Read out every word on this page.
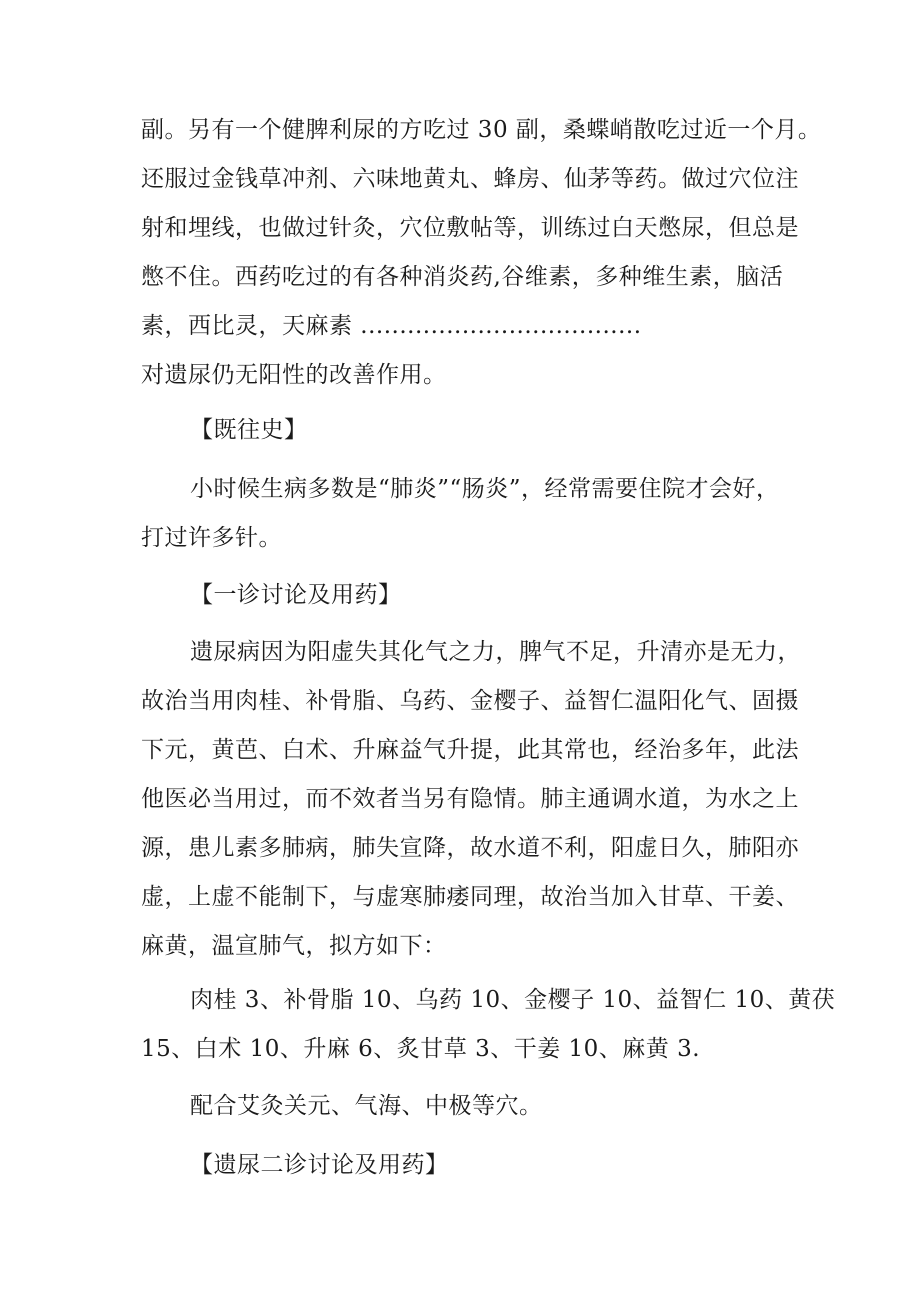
副。另有一个健脾利尿的方吃过 30 副，桑蝶峭散吃过近一个月。
还服过金钱草冲剂、六味地黄丸、蜂房、仙茅等药。做过穴位注
射和埋线，也做过针灸，穴位敷帖等，训练过白天憋尿，但总是
憋不住。西药吃过的有各种消炎药,谷维素，多种维生素，脑活
素，西比灵，天麻素 ....................................
对遗尿仍无阳性的改善作用。
【既往史】
小时候生病多数是“肺炎”“肠炎”，经常需要住院才会好，
打过许多针。
【一诊讨论及用药】
遗尿病因为阳虚失其化气之力，脾气不足，升清亦是无力，
故治当用肉桂、补骨脂、乌药、金樱子、益智仁温阳化气、固摄
下元，黄芭、白术、升麻益气升提，此其常也，经治多年，此法
他医必当用过，而不效者当另有隐情。肺主通调水道，为水之上
源，患儿素多肺病，肺失宣降，故水道不利，阳虚日久，肺阳亦
虚，上虚不能制下，与虚寒肺痿同理，故治当加入甘草、干姜、
麻黄，温宣肺气，拟方如下：
肉桂 3、补骨脂 10、乌药 10、金樱子 10、益智仁 10、黄茯
15、白术 10、升麻 6、炙甘草 3、干姜 10、麻黄 3.
配合艾灸关元、气海、中极等穴。
【遗尿二诊讨论及用药】
